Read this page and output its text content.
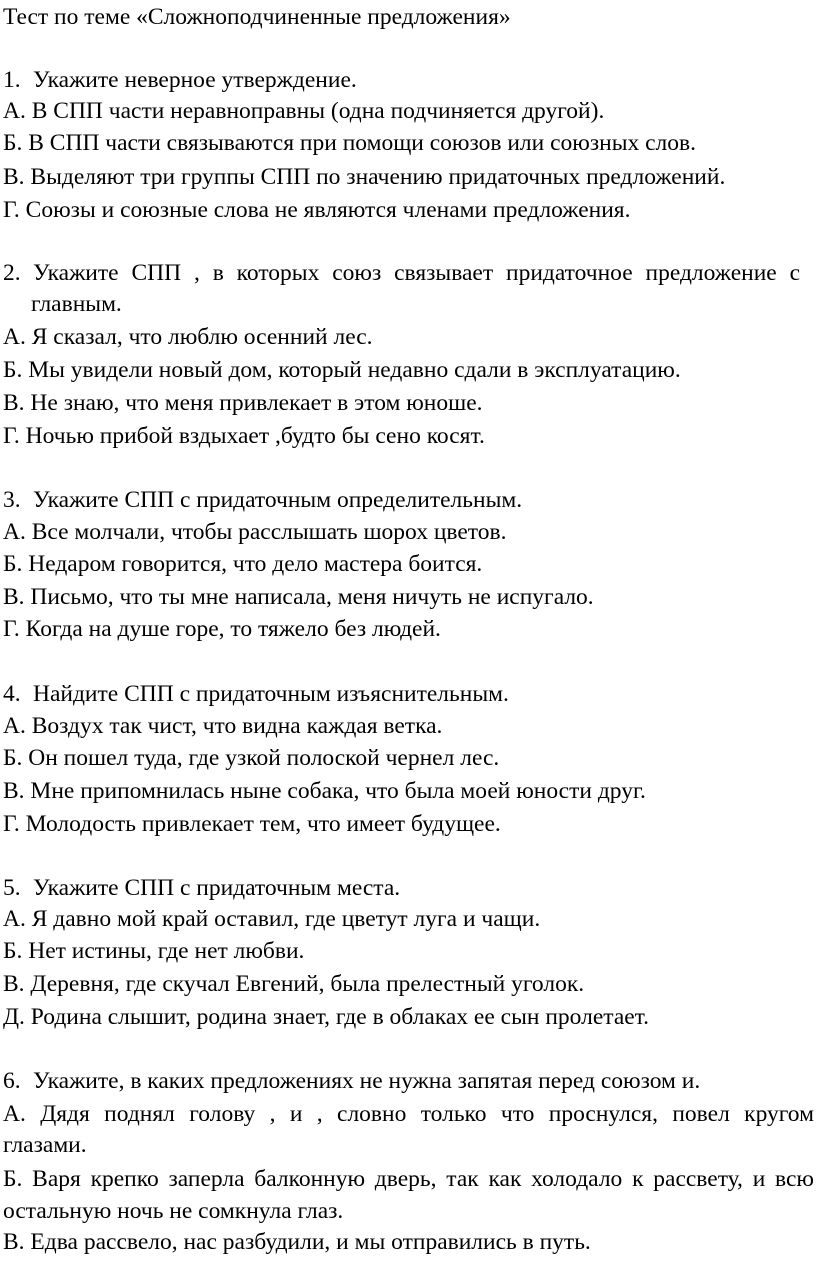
Тест по теме «Сложноподчиненные предложения»
1. Укажите неверное утверждение.
А. В СПП части неравноправны (одна подчиняется другой).
Б. В СПП части связываются при помощи союзов или союзных слов.
В. Выделяют три группы СПП по значению придаточных предложений.
Г. Союзы и союзные слова не являются членами предложения.
2. Укажите СПП , в которых союз связывает придаточное предложение с
главным.
А. Я сказал, что люблю осенний лес.
Б. Мы увидели новый дом, который недавно сдали в эксплуатацию.
В. Не знаю, что меня привлекает в этом юноше.
Г. Ночью прибой вздыхает ,будто бы сено косят.
3. Укажите СПП с придаточным определительным.
А. Все молчали, чтобы расслышать шорох цветов.
Б. Недаром говорится, что дело мастера боится.
В. Письмо, что ты мне написала, меня ничуть не испугало.
Г. Когда на душе горе, то тяжело без людей.
4. Найдите СПП с придаточным изъяснительным.
А. Воздух так чист, что видна каждая ветка.
Б. Он пошел туда, где узкой полоской чернел лес.
В. Мне припомнилась ныне собака, что была моей юности друг.
Г. Молодость привлекает тем, что имеет будущее.
5. Укажите СПП с придаточным места.
А. Я давно мой край оставил, где цветут луга и чащи.
Б. Нет истины, где нет любви.
В. Деревня, где скучал Евгений, была прелестный уголок.
Д. Родина слышит, родина знает, где в облаках ее сын пролетает.
6. Укажите, в каких предложениях не нужна запятая перед союзом и.
А. Дядя поднял голову , и , словно только что проснулся, повел кругом
глазами.
Б. Варя крепко заперла балконную дверь, так как холодало к рассвету, и всю
остальную ночь не сомкнула глаз.
В. Едва рассвело, нас разбудили, и мы отправились в путь.
